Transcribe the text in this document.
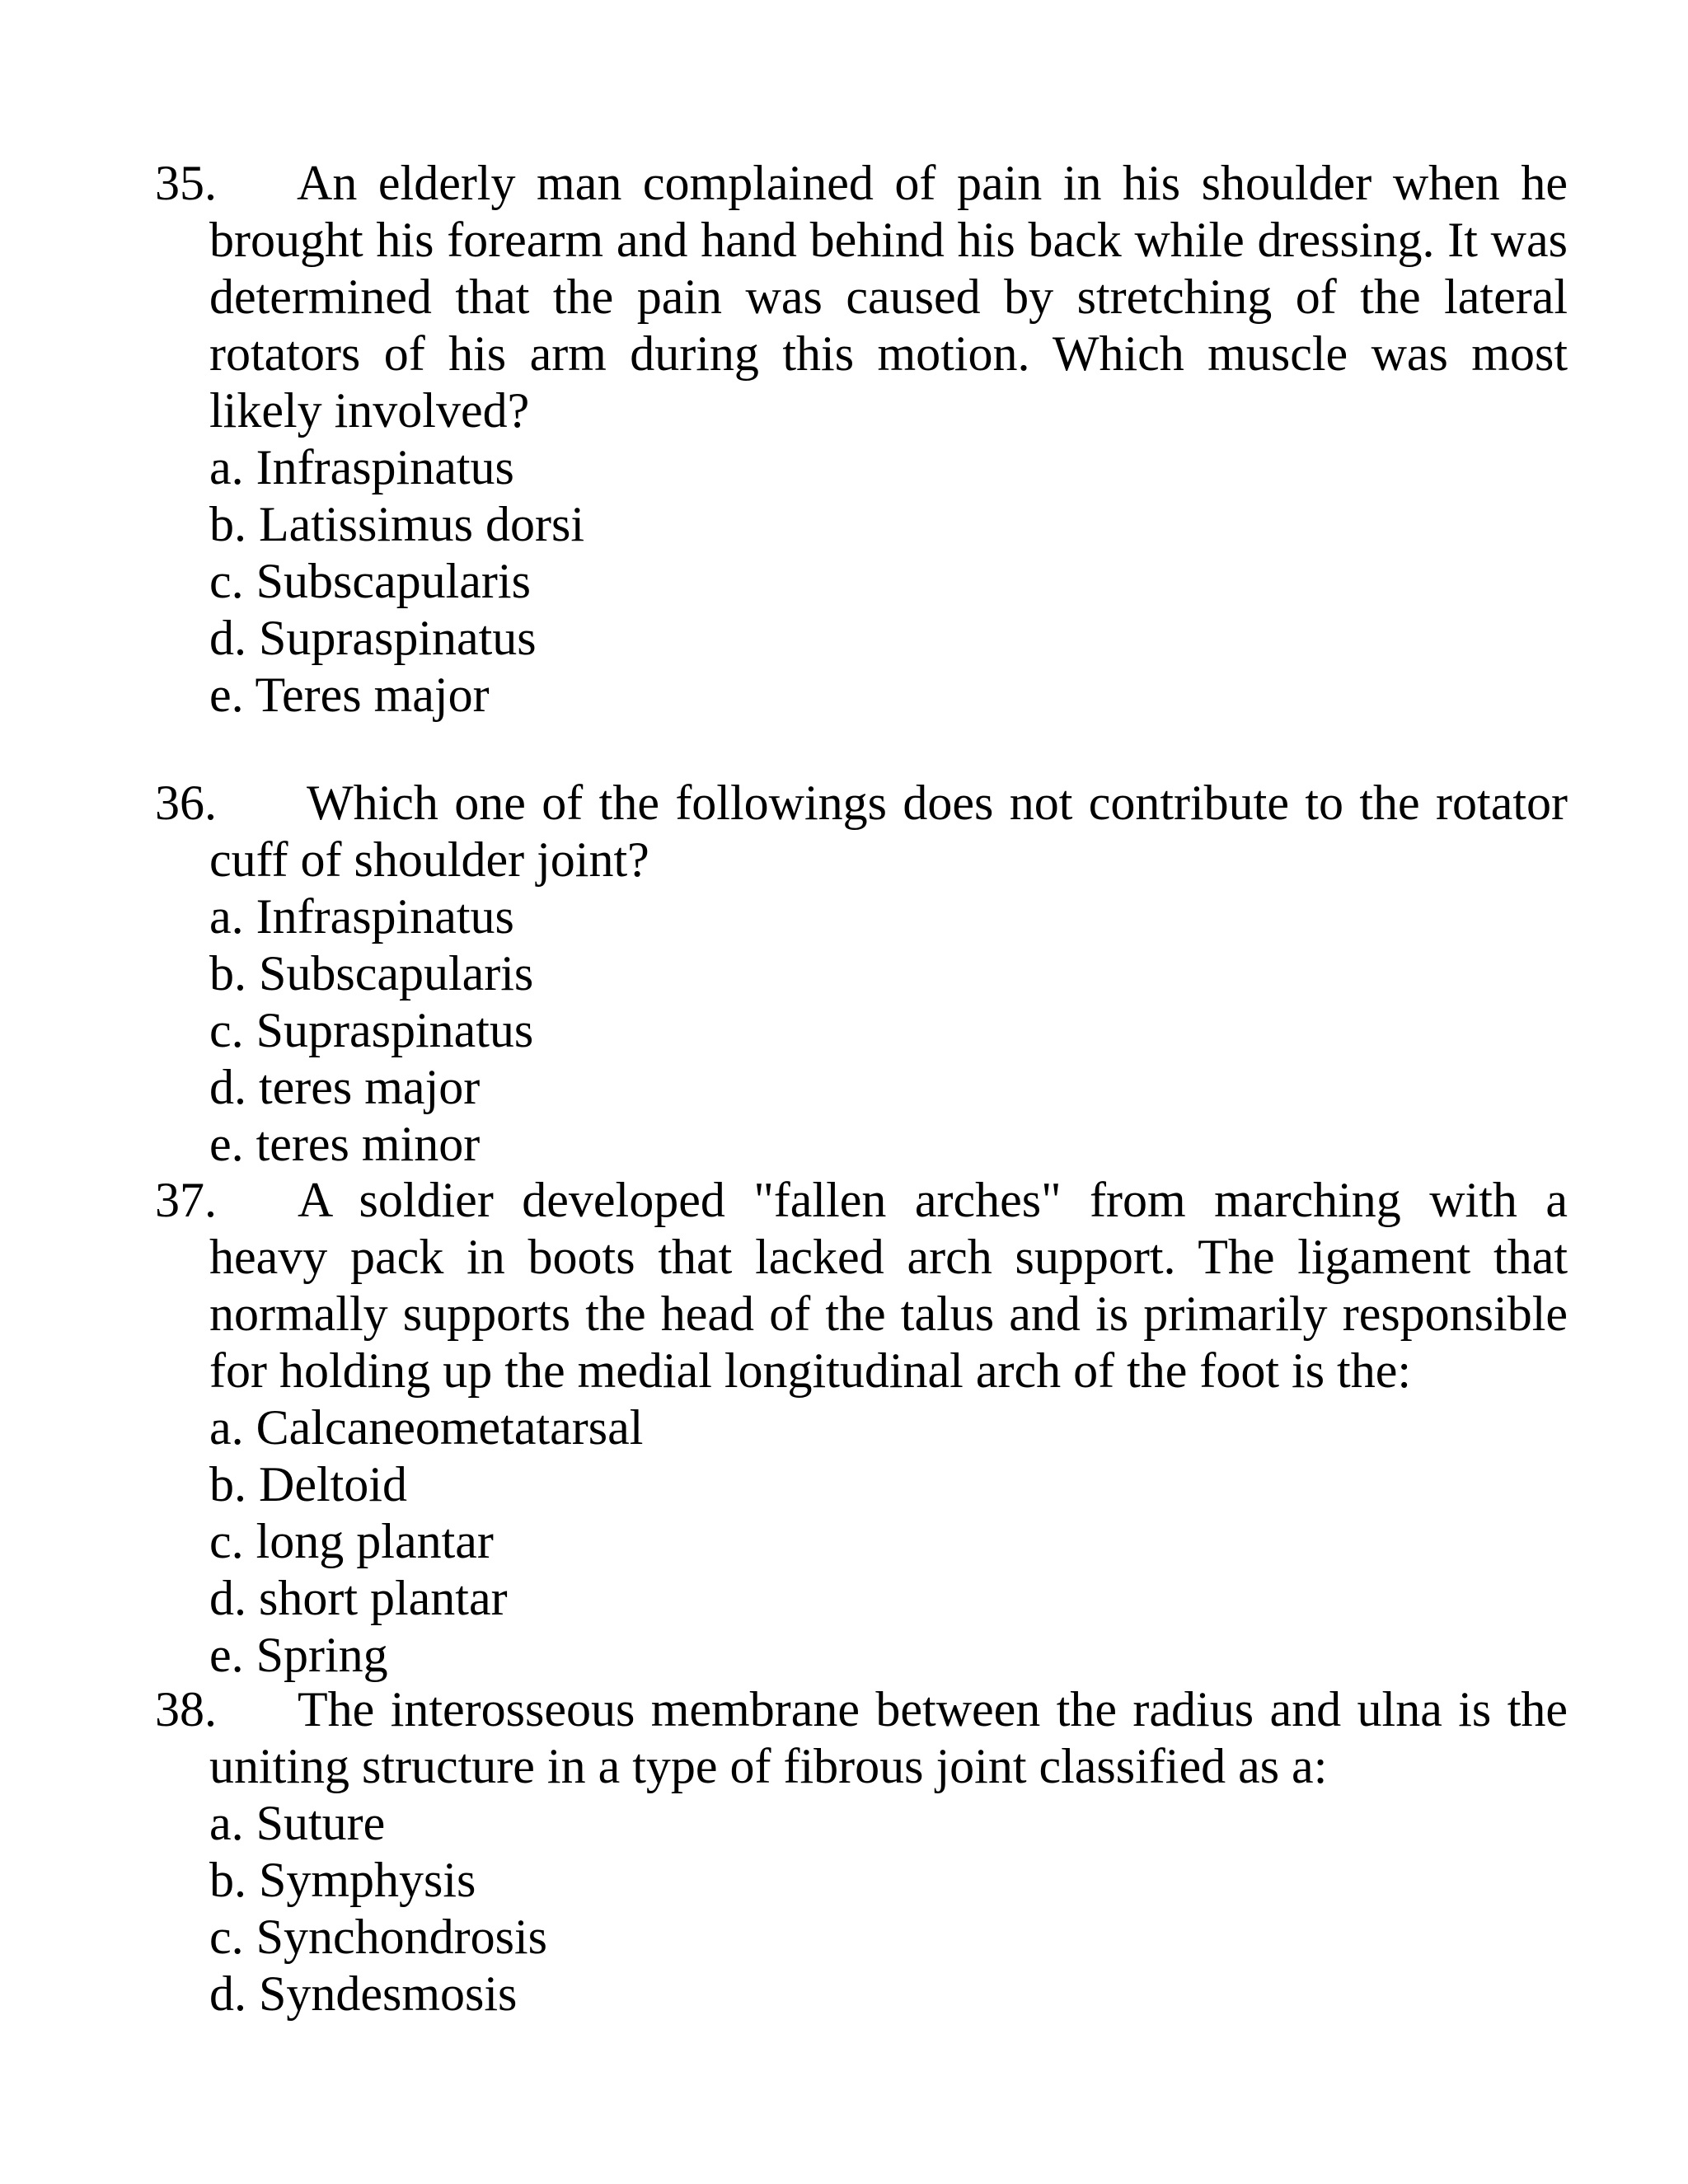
35. An elderly man complained of pain in his shoulder when he brought his forearm and hand behind his back while dressing. It was determined that the pain was caused by stretching of the lateral rotators of his arm during this motion. Which muscle was most likely involved?

a. Infraspinatus
b. Latissimus dorsi
c. Subscapularis
d. Supraspinatus
e. Teres major

36. Which one of the followings does not contribute to the rotator cuff of shoulder joint?

a. Infraspinatus
b. Subscapularis
c. Supraspinatus
d. teres major
e. teres minor

37. A soldier developed "fallen arches" from marching with a heavy pack in boots that lacked arch support. The ligament that normally supports the head of the talus and is primarily responsible for holding up the medial longitudinal arch of the foot is the:

a. Calcaneometatarsal
b. Deltoid
c. long plantar
d. short plantar
e. Spring

38. The interosseous membrane between the radius and ulna is the uniting structure in a type of fibrous joint classified as a:

a. Suture
b. Symphysis
c. Synchondrosis
d. Syndesmosis
